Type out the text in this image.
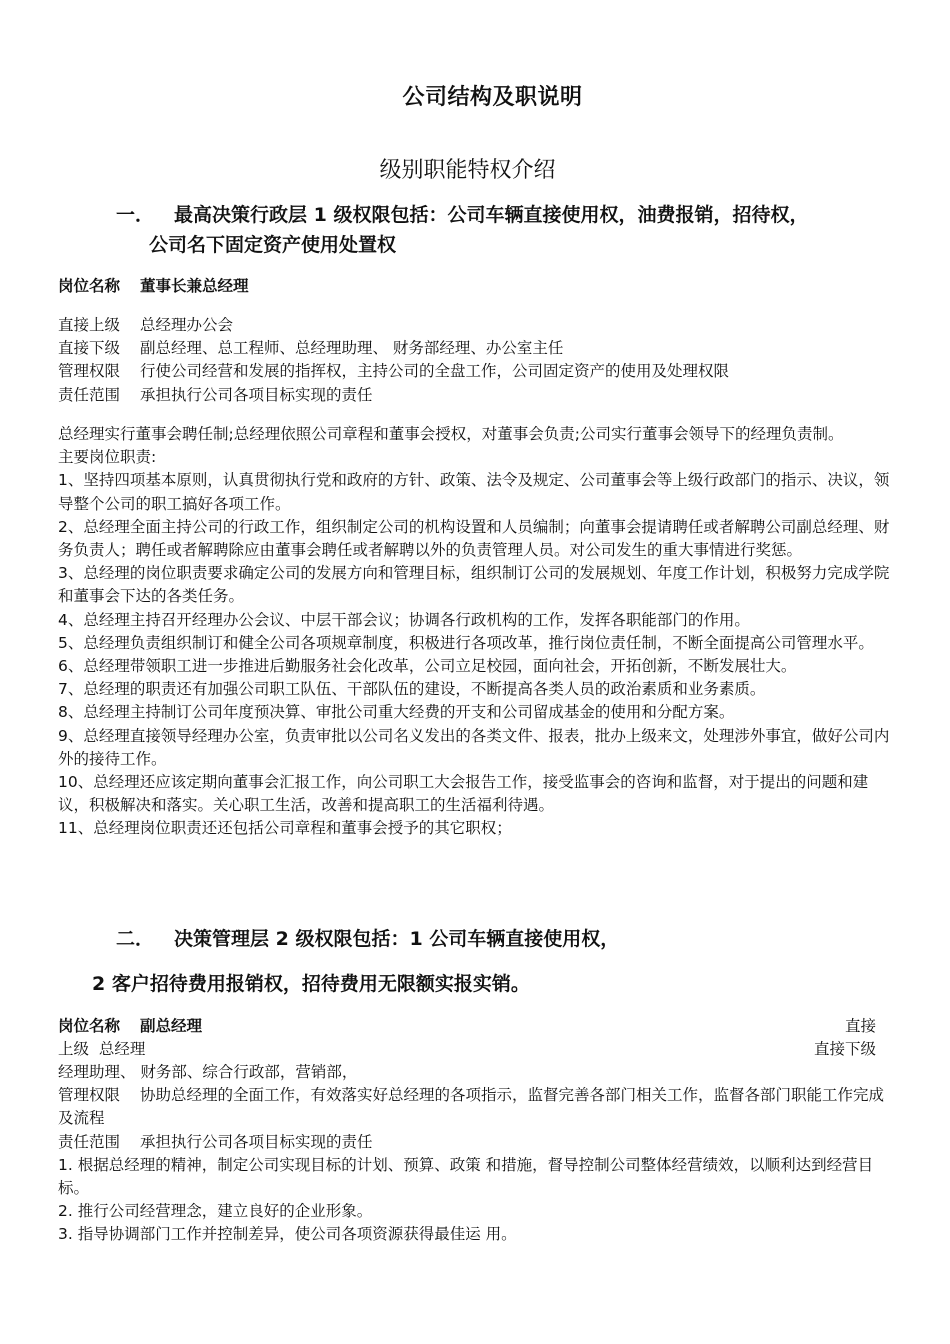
公司结构及职说明
级别职能特权介绍
一． 最高决策行政层 1 级权限包括：公司车辆直接使用权，油费报销，招待权，
公司名下固定资产使用处置权
岗位名称 董事长兼总经理

直接上级 总经理办公会

直接下级 副总经理、总工程师、总经理助理、 财务部经理、办公室主任

管理权限 行使公司经营和发展的指挥权，主持公司的全盘工作，公司固定资产的使用及处理权限

责任范围 承担执行公司各项目标实现的责任

总经理实行董事会聘任制;总经理依照公司章程和董事会授权，对董事会负责;公司实行董事会领导下的经理负责制。

主要岗位职责:

1、坚持四项基本原则，认真贯彻执行党和政府的方针、政策、法令及规定、公司董事会等上级行政部门的指示、决议，领导整个公司的职工搞好各项工作。

2、总经理全面主持公司的行政工作，组织制定公司的机构设置和人员编制；向董事会提请聘任或者解聘公司副总经理、财务负责人；聘任或者解聘除应由董事会聘任或者解聘以外的负责管理人员。对公司发生的重大事情进行奖惩。

3、总经理的岗位职责要求确定公司的发展方向和管理目标，组织制订公司的发展规划、年度工作计划，积极努力完成学院和董事会下达的各类任务。

4、总经理主持召开经理办公会议、中层干部会议；协调各行政机构的工作，发挥各职能部门的作用。

5、总经理负责组织制订和健全公司各项规章制度，积极进行各项改革，推行岗位责任制，不断全面提高公司管理水平。

6、总经理带领职工进一步推进后勤服务社会化改革，公司立足校园，面向社会，开拓创新，不断发展壮大。

7、总经理的职责还有加强公司职工队伍、干部队伍的建设，不断提高各类人员的政治素质和业务素质。

8、总经理主持制订公司年度预决算、审批公司重大经费的开支和公司留成基金的使用和分配方案。

9、总经理直接领导经理办公室，负责审批以公司名义发出的各类文件、报表，批办上级来文，处理涉外事宜，做好公司内外的接待工作。

10、总经理还应该定期向董事会汇报工作，向公司职工大会报告工作，接受监事会的咨询和监督，对于提出的问题和建议，积极解决和落实。关心职工生活，改善和提高职工的生活福利待遇。

11、总经理岗位职责还还包括公司章程和董事会授予的其它职权；

二． 决策管理层 2 级权限包括：1 公司车辆直接使用权，
2 客户招待费用报销权，招待费用无限额实报实销。
岗位名称 副总经理	直接
上级 总经理	直接下级

经理助理、 财务部、综合行政部，营销部，

管理权限 协助总经理的全面工作，有效落实好总经理的各项指示，监督完善各部门相关工作，监督各部门职能工作完成及流程

责任范围 承担执行公司各项目标实现的责任

1. 根据总经理的精神，制定公司实现目标的计划、预算、政策 和措施，督导控制公司整体经营绩效，以顺利达到经营目标。

2. 推行公司经营理念，建立良好的企业形象。

3. 指导协调部门工作并控制差异，使公司各项资源获得最佳运 用。
